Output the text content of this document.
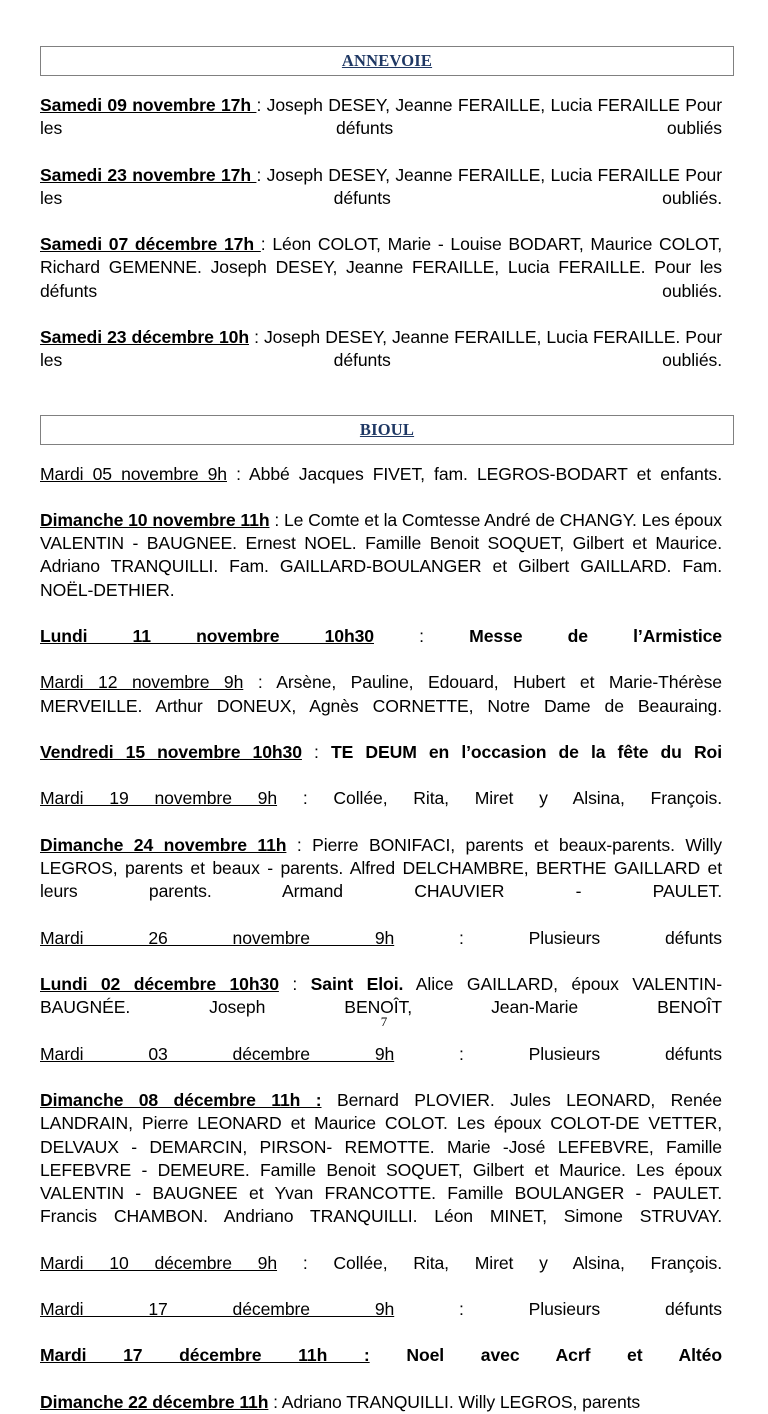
ANNEVOIE

Samedi 09 novembre 17h : Joseph DESEY, Jeanne FERAILLE, Lucia FERAILLE Pour les défunts oubliés

Samedi 23 novembre 17h : Joseph DESEY, Jeanne FERAILLE, Lucia FERAILLE Pour les défunts oubliés.

Samedi 07 décembre 17h : Léon COLOT, Marie - Louise BODART, Maurice COLOT, Richard GEMENNE. Joseph DESEY, Jeanne FERAILLE, Lucia FERAILLE. Pour les défunts oubliés.

Samedi 23 décembre 10h : Joseph DESEY, Jeanne FERAILLE, Lucia FERAILLE. Pour les défunts oubliés.

BIOUL

Mardi 05 novembre 9h : Abbé Jacques FIVET, fam. LEGROS-BODART et enfants.

Dimanche 10 novembre 11h : Le Comte et la Comtesse André de CHANGY. Les époux VALENTIN - BAUGNEE. Ernest NOEL. Famille Benoit SOQUET, Gilbert et Maurice. Adriano TRANQUILLI. Fam. GAILLARD-BOULANGER et Gilbert GAILLARD. Fam. NOËL-DETHIER.

Lundi 11 novembre 10h30 : Messe de l’Armistice

Mardi 12 novembre 9h : Arsène, Pauline, Edouard, Hubert et Marie-Thérèse MERVEILLE. Arthur DONEUX, Agnès CORNETTE, Notre Dame de Beauraing.

Vendredi 15 novembre 10h30 : TE DEUM en l’occasion de la fête du Roi

Mardi 19 novembre 9h : Collée, Rita, Miret y Alsina, François.

Dimanche 24 novembre 11h : Pierre BONIFACI, parents et beaux-parents. Willy LEGROS, parents et beaux - parents. Alfred DELCHAMBRE, BERTHE GAILLARD et leurs parents. Armand CHAUVIER - PAULET.

Mardi 26 novembre 9h : Plusieurs défunts

Lundi 02 décembre 10h30 : Saint Eloi. Alice GAILLARD, époux VALENTIN-BAUGNÉE. Joseph BENOÎT, Jean-Marie BENOÎT

Mardi 03 décembre 9h : Plusieurs défunts

Dimanche 08 décembre 11h : Bernard PLOVIER. Jules LEONARD, Renée LANDRAIN, Pierre LEONARD et Maurice COLOT. Les époux COLOT-DE VETTER, DELVAUX - DEMARCIN, PIRSON- REMOTTE. Marie -José LEFEBVRE, Famille LEFEBVRE - DEMEURE. Famille Benoit SOQUET, Gilbert et Maurice. Les époux VALENTIN - BAUGNEE et Yvan FRANCOTTE. Famille BOULANGER - PAULET. Francis CHAMBON. Andriano TRANQUILLI. Léon MINET, Simone STRUVAY.

Mardi 10 décembre 9h : Collée, Rita, Miret y Alsina, François.

Mardi 17 décembre 9h : Plusieurs défunts

Mardi 17 décembre 11h : Noel avec Acrf et Altéo

Dimanche 22 décembre 11h : Adriano TRANQUILLI. Willy LEGROS, parents

7
